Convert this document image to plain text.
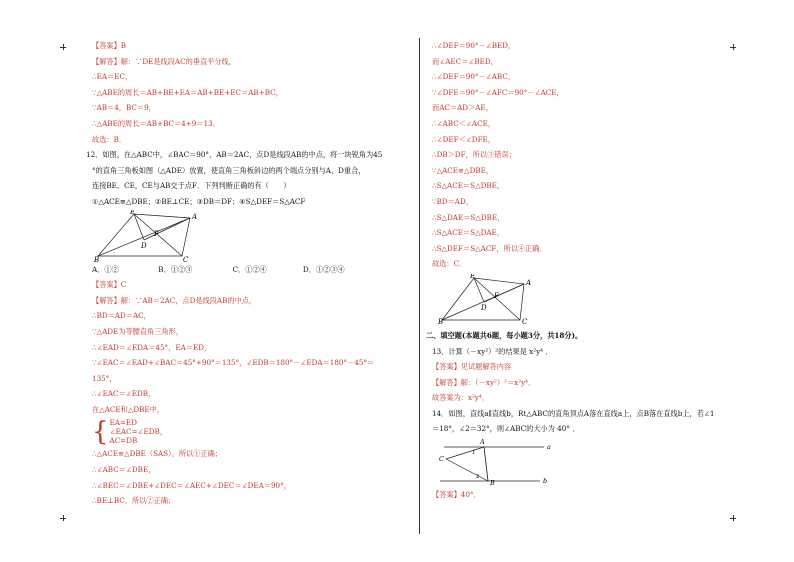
【答案】B
【解答】解：∵DE是线段AC的垂直平分线，
∴EA＝EC，
∵△ABE的周长＝AB+BE+EA＝AB+BE+EC＝AB+BC，
∵AB＝4，BC＝9，
∴△ABE的周长＝AB+BC＝4+9＝13．
故选：B．
12．如图，在△ABC中，∠BAC＝90°，AB＝2AC，点D是线段AB的中点，将一块锐角为45
°的直角三角板如图（△ADE）放置，使直角三角板斜边的两个端点分别与A、D重合，
连接BE、CE，CE与AB交于点F．下列判断正确的有（　　）
①△ACE≌△DBE；②BE⊥CE；③DB＝DF；④S△DEF＝S△ACF
E
A
F
D
B	C
A．①②	B．①②③	C．①②④	D．①②③④
【答案】C
【解答】解：∵AB＝2AC，点D是线段AB的中点，
∴BD＝AD＝AC，
∵△ADE为等腰直角三角形，
∴∠EAD＝∠EDA＝45°，EA＝ED，
∵∠EAC＝∠EAD+∠BAC＝45°+90°＝135°，∠EDB＝180°－∠EDA＝180°－45°＝
135°，
∴∠EAC＝∠EDB，
在△ACE和△DBE中，
{ EA=ED
∠EAC=∠EDB，
AC=DB
∴△ACE≌△DBE（SAS），所以①正确；
∴∠ABC＝∠DBE，
∴∠BEC＝∠DBE+∠DEC＝∠AEC+∠DEC＝∠DEA＝90°，
∴BE⊥BC，所以②正确；
∴∠DEF＝90°－∠BED，
而∠AEC＝∠BED，
∴∠DEF＝90°－∠ABC，
∵∠DFE＝90°－∠AFC＝90°－∠ACE，
而AC＝AD＞AE，
∴∠ABC＜∠ACE，
∴∠DEF＜∠DFE，
∴DB＞DF，所以③错误；
∵△ACE≌△DBE，
∴S△ACE＝S△DBE，
∵BD＝AD，
∴S△DAE＝S△DBE，
∴S△ACE＝S△DAE，
∴S△DEF＝S△ACF，所以④正确．
故选：C．
E
A
F
D
B	C
二、填空题(本题共6题，每小题3分，共18分)。
13．计算（－xy²）²的结果是 x²y⁴ ．
【答案】见试题解答内容
【解答】解：（－xy²）²＝x²y⁴．
故答案为：x²y⁴．
14．如图，直线a∥直线b，Rt△ABC的直角顶点A落在直线a上，点B落在直线b上，若∠1
＝18°，∠2＝32°，则∠ABC的大小为 40° ．
A
a
C
b
B
1
2
【答案】40°．
